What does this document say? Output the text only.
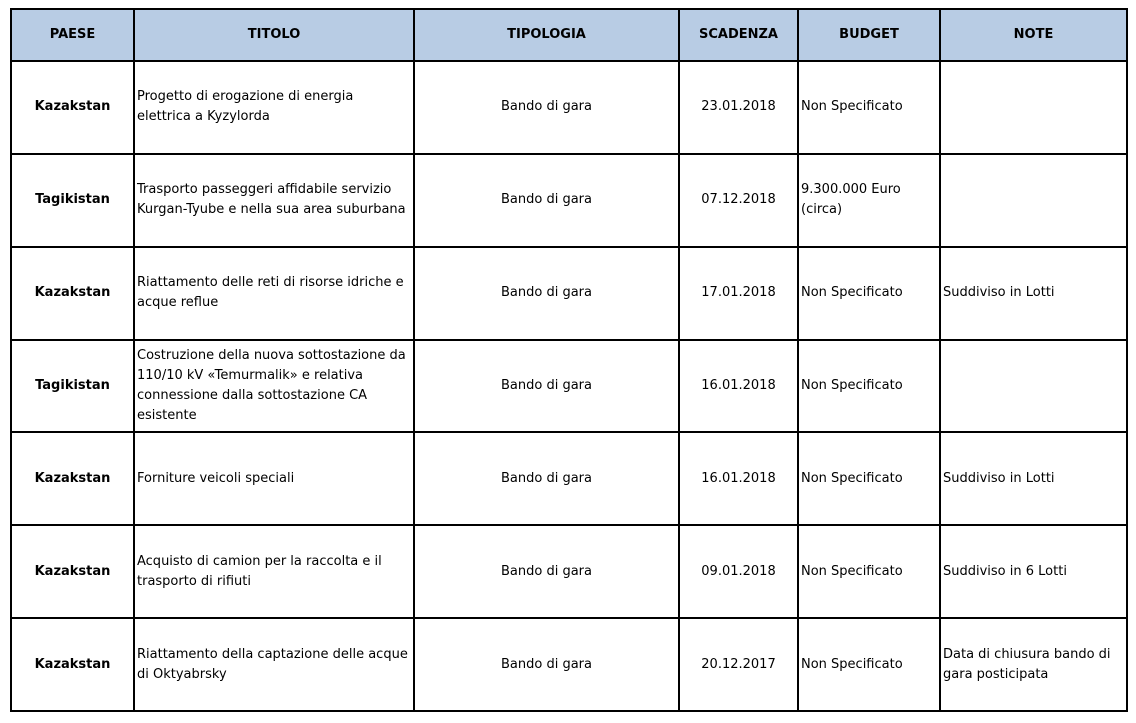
PAESE	TITOLO	TIPOLOGIA	SCADENZA	BUDGET	NOTE
Kazakstan	Progetto di erogazione di energia elettrica a Kyzylorda	Bando di gara	23.01.2018	Non Specificato	
Tagikistan	Trasporto passeggeri affidabile servizio Kurgan-Tyube e nella sua area suburbana	Bando di gara	07.12.2018	9.300.000 Euro (circa)	
Kazakstan	Riattamento delle reti di risorse idriche e acque reflue	Bando di gara	17.01.2018	Non Specificato	Suddiviso in Lotti
Tagikistan	Costruzione della nuova sottostazione da 110/10 kV «Temurmalik» e relativa connessione dalla sottostazione CA esistente	Bando di gara	16.01.2018	Non Specificato	
Kazakstan	Forniture veicoli speciali	Bando di gara	16.01.2018	Non Specificato	Suddiviso in Lotti
Kazakstan	Acquisto di camion per la raccolta e il trasporto di rifiuti	Bando di gara	09.01.2018	Non Specificato	Suddiviso in 6 Lotti
Kazakstan	Riattamento della captazione delle acque di Oktyabrsky	Bando di gara	20.12.2017	Non Specificato	Data di chiusura bando di gara posticipata
